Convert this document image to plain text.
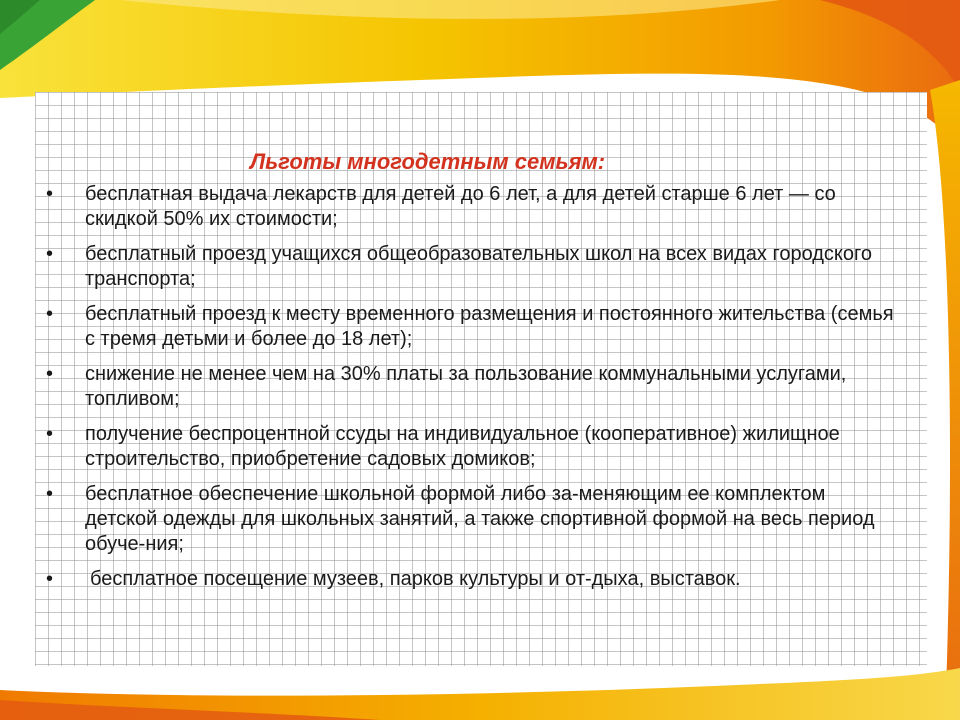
Льготы многодетным семьям:
• бесплатная выдача лекарств для детей до 6 лет, а для детей старше 6 лет — со скидкой 50% их стоимости;
• бесплатный проезд учащихся общеобразовательных школ на всех видах городского транспорта;
• бесплатный проезд к месту временного размещения и постоянного жительства (семья с тремя детьми и более до 18 лет);
• снижение не менее чем на 30% платы за пользование коммунальными услугами, топливом;
• получение беспроцентной ссуды на индивидуальное (кооперативное) жилищное строительство, приобретение садовых домиков;
• бесплатное обеспечение школьной формой либо за-меняющим ее комплектом детской одежды для школьных занятий, а также спортивной формой на весь период обуче-ния;
• бесплатное посещение музеев, парков культуры и от-дыха, выставок.
